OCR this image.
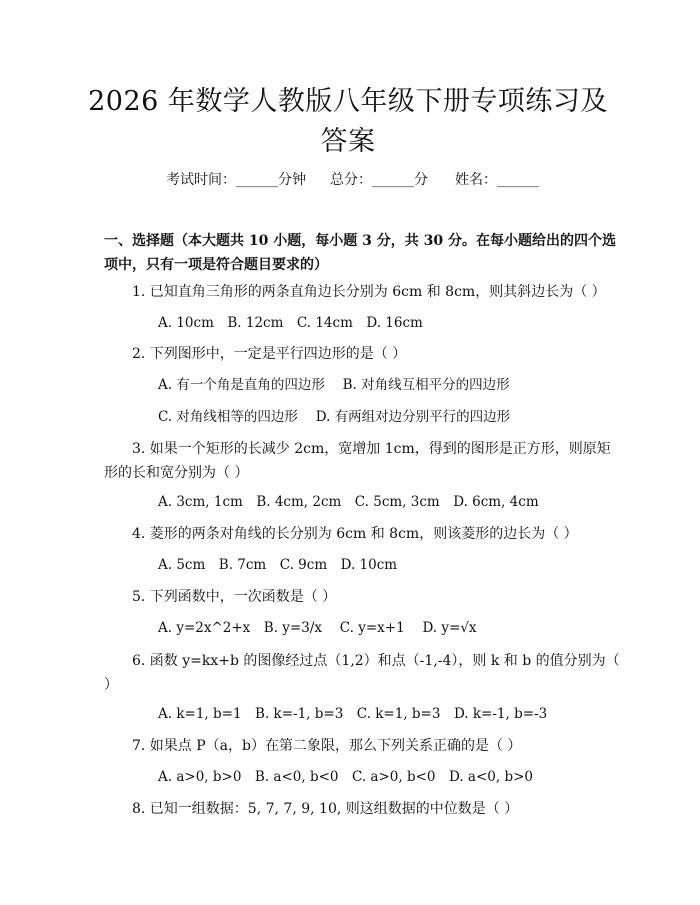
2026 年数学人教版八年级下册专项练习及答案
考试时间：______分钟 总分：______分 姓名：______
一、选择题（本大题共 10 小题，每小题 3 分，共 30 分。在每小题给出的四个选项中，只有一项是符合题目要求的）
1. 已知直角三角形的两条直角边长分别为 6cm 和 8cm，则其斜边长为（ ）
A. 10cm　B. 12cm　C. 14cm　D. 16cm
2. 下列图形中，一定是平行四边形的是（ ）
A. 有一个角是直角的四边形　 B. 对角线互相平分的四边形
C. 对角线相等的四边形　 D. 有两组对边分别平行的四边形
3. 如果一个矩形的长减少 2cm，宽增加 1cm，得到的图形是正方形，则原矩形的长和宽分别为（ ）
A. 3cm, 1cm　B. 4cm, 2cm　C. 5cm, 3cm　D. 6cm, 4cm
4. 菱形的两条对角线的长分别为 6cm 和 8cm，则该菱形的边长为（ ）
A. 5cm　B. 7cm　C. 9cm　D. 10cm
5. 下列函数中，一次函数是（ ）
A. y=2x^2+x　B. y=3/x　 C. y=x+1　 D. y=√x
6. 函数 y=kx+b 的图像经过点（1,2）和点（-1,-4），则 k 和 b 的值分别为（ ）
A. k=1, b=1　B. k=-1, b=3　C. k=1, b=3　D. k=-1, b=-3
7. 如果点 P（a，b）在第二象限，那么下列关系正确的是（ ）
A. a>0, b>0　B. a<0, b<0　C. a>0, b<0　D. a<0, b>0
8. 已知一组数据：5, 7, 7, 9, 10, 则这组数据的中位数是（ ）
